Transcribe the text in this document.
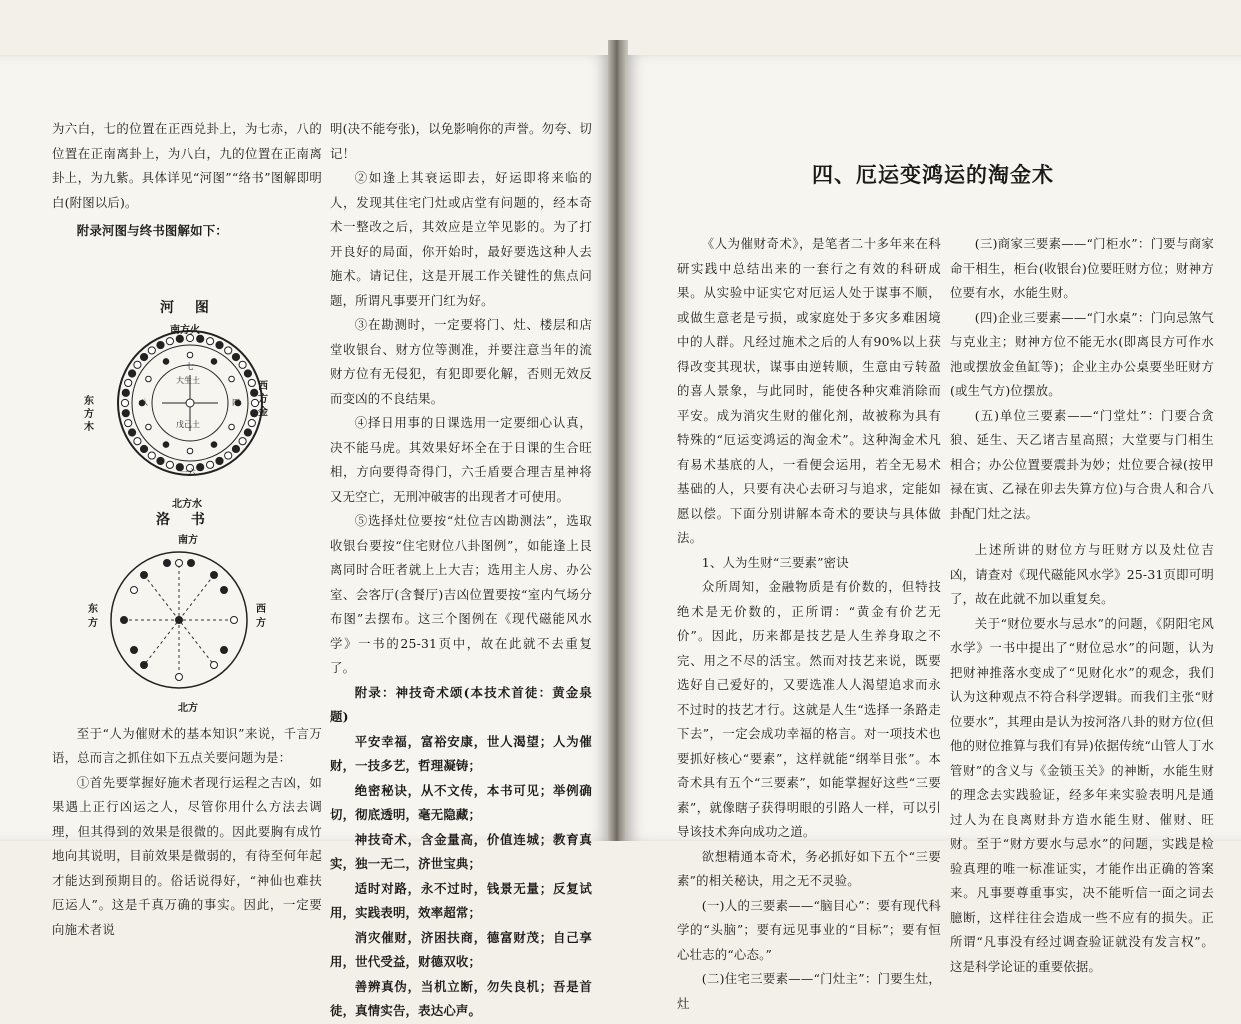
为六白，七的位置在正西兑卦上，为七赤，八的位置在正南离卦上，为八白，九的位置在正南离卦上，为九紫。具体详见“河图”“络书”图解即明白(附图以后)。

附录河图与终书图解如下：

至于“人为催财术的基本知识”来说，千言万语，总而言之抓住如下五点关要问题为是：

①首先要掌握好施术者现行运程之吉凶，如果遇上正行凶运之人，尽管你用什么方法去调理，但其得到的效果是很微的。因此要胸有成竹地向其说明，目前效果是微弱的，有待至何年起才能达到预期目的。俗话说得好，“神仙也难扶厄运人”。这是千真万确的事实。因此，一定要向施术者说

河 图
南方火
北方水
东方木
西方金
大生土
戊己土
七
一六
八	四
洛 书
南方
北方
东方
西方

明(决不能夸张)，以免影响你的声誉。勿夸、切记！

②如逢上其衰运即去，好运即将来临的人，发现其住宅门灶或店堂有问题的，经本奇术一整改之后，其效应是立竿见影的。为了打开良好的局面，你开始时，最好要选这种人去施术。请记住，这是开展工作关键性的焦点问题，所谓凡事要开门红为好。

③在勘测时，一定要将门、灶、楼层和店堂收银台、财方位等测准，并要注意当年的流财方位有无侵犯，有犯即要化解，否则无效反而变凶的不良结果。

④择日用事的日课选用一定要细心认真，决不能马虎。其效果好坏全在于日课的生合旺相，方向要得奇得门，六壬盾要合理吉星神将又无空亡，无刑冲破害的出现者才可使用。

⑤选择灶位要按“灶位吉凶勘测法”，选取收银台要按“住宅财位八卦图例”，如能逢上艮离同时合旺者就上上大吉；选用主人房、办公室、会客厅(含餐厅)吉凶位置要按“室内气场分布图”去摆布。这三个图例在《现代磁能风水学》一书的25-31页中，故在此就不去重复了。

附录：神技奇术颂(本技术首徒：黄金泉题)

平安幸福，富裕安康，世人渴望；人为催财，一技多艺，哲理凝铸；

绝密秘诀，从不文传，本书可见；举例确切，彻底透明，毫无隐藏；

神技奇术，含金量高，价值连城；教育真实，独一无二，济世宝典；

适时对路，永不过时，钱景无量；反复试用，实践表明，效率超常；

消灾催财，济困扶商，德富财茂；自己享用，世代受益，财德双收；

善辨真伪，当机立断，勿失良机；吾是首徒，真情实告，表达心声。

四、厄运变鸿运的淘金术

《人为催财奇术》，是笔者二十多年来在科研实践中总结出来的一套行之有效的科研成果。从实验中证实它对厄运人处于谋事不顺，或做生意老是亏损，或家庭处于多灾多难困境中的人群。凡经过施术之后的人有90%以上获得改变其现状，谋事由逆转顺，生意由亏转盈的喜人景象，与此同时，能使各种灾难消除而平安。成为消灾生财的催化剂，故被称为具有特殊的“厄运变鸿运的淘金术”。这种淘金术凡有易术基底的人，一看便会运用，若全无易术基础的人，只要有决心去研习与追求，定能如愿以偿。下面分别讲解本奇术的要诀与具体做法。

1、人为生财“三要素”密诀

众所周知，金融物质是有价数的，但特技绝术是无价数的，正所谓：“黄金有价艺无价”。因此，历来都是技艺是人生养身取之不完、用之不尽的活宝。然而对技艺来说，既要选好自己爱好的，又要选准人人渴望追求而永不过时的技艺才行。这就是人生“选择一条路走下去”，一定会成功幸福的格言。对一项技术也要抓好核心“要素”，这样就能“纲举目张”。本奇术具有五个“三要素”，如能掌握好这些“三要素”，就像瞎子获得明眼的引路人一样，可以引导该技术奔向成功之道。

欲想精通本奇术，务必抓好如下五个“三要素”的相关秘诀，用之无不灵验。

(一)人的三要素——“脑目心”：要有现代科学的“头脑”；要有远见事业的“目标”；要有恒心壮志的“心态。”

(二)住宅三要素——“门灶主”：门要生灶，灶

(三)商家三要素——“门柜水”：门要与商家命干相生，柜台(收银台)位要旺财方位；财神方位要有水，水能生财。

(四)企业三要素——“门水桌”：门向忌煞气与克业主；财神方位不能无水(即离艮方可作水池或摆放金鱼缸等)；企业主办公桌要坐旺财方(或生气方)位摆放。

(五)单位三要素——“门堂灶”：门要合贪狼、延生、天乙诸吉星高照；大堂要与门相生相合；办公位置要震卦为妙；灶位要合禄(按甲禄在寅、乙禄在卯去失算方位)与合贵人和合八卦配门灶之法。

上述所讲的财位方与旺财方以及灶位吉凶，请查对《现代磁能风水学》25-31页即可明了，故在此就不加以重复矣。

关于“财位要水与忌水”的问题，《阴阳宅风水学》一书中提出了“财位忌水”的问题，认为把财神推落水变成了“见财化水”的观念，我们认为这种观点不符合科学逻辑。而我们主张“财位要水”，其理由是认为按河洛八卦的财方位(但他的财位推算与我们有异)依据传统“山管人丁水管财”的含义与《金锁玉关》的神断，水能生财的理念去实践验证，经多年来实验表明凡是通过人为在良离财卦方造水能生财、催财、旺财。至于“财方要水与忌水”的问题，实践是检验真理的唯一标准证实，才能作出正确的答案来。凡事要尊重事实，决不能听信一面之词去臆断，这样往往会造成一些不应有的损失。正所谓“凡事没有经过调查验证就没有发言权”。这是科学论证的重要依据。
